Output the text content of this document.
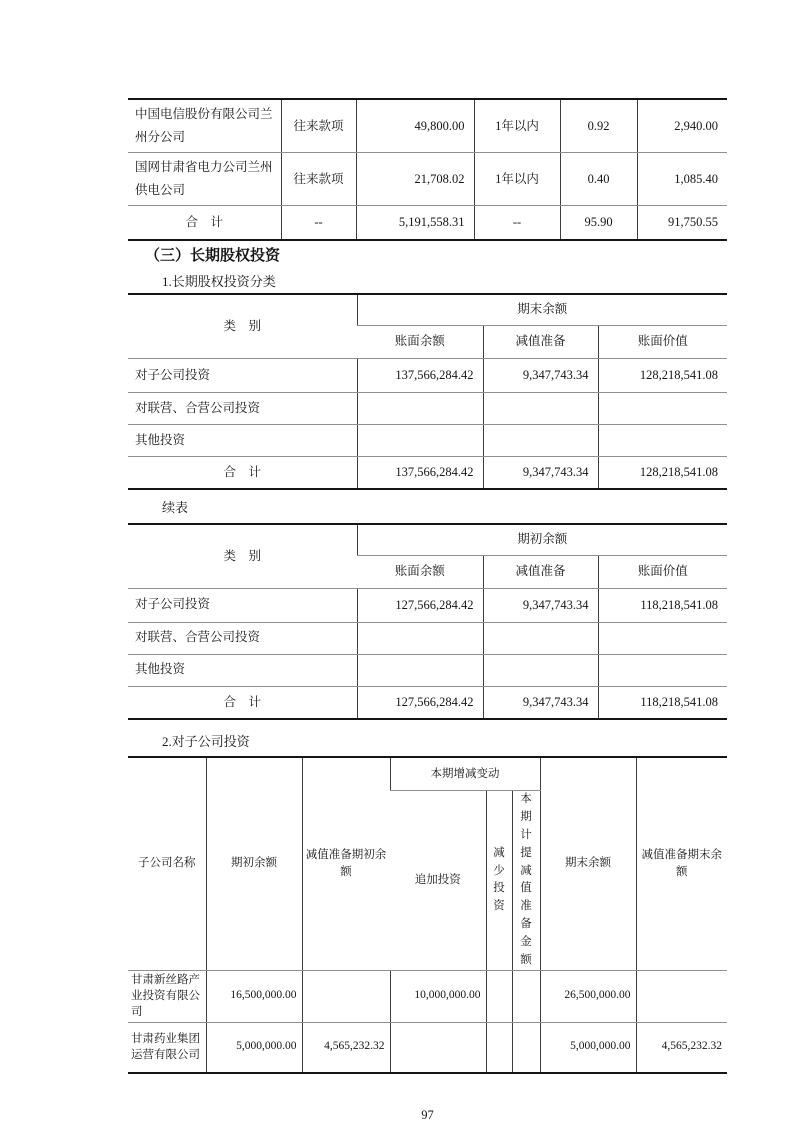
中国电信股份有限公司兰州分公司	往来款项	49,800.00	1年以内	0.92	2,940.00
国网甘肃省电力公司兰州供电公司	往来款项	21,708.02	1年以内	0.40	1,085.40
合　计	--	5,191,558.31	--	95.90	91,750.55
（三）长期股权投资
1.长期股权投资分类
类　别	期末余额		
	账面余额	减值准备	账面价值
对子公司投资	137,566,284.42	9,347,743.34	128,218,541.08
对联营、合营公司投资			
其他投资			
合　计	137,566,284.42	9,347,743.34	128,218,541.08
续表
类　别	期初余额		
	账面余额	减值准备	账面价值
对子公司投资	127,566,284.42	9,347,743.34	118,218,541.08
对联营、合营公司投资			
其他投资			
合　计	127,566,284.42	9,347,743.34	118,218,541.08
2.对子公司投资
子公司名称	期初余额	减值准备期初余额	本期增减变动			期末余额	减值准备期末余额
			追加投资	减少投资	本期计提减值准备金额		

甘肃新丝路产业投资有限公司	16,500,000.00		10,000,000.00			26,500,000.00	
甘肃药业集团运营有限公司	5,000,000.00	4,565,232.32				5,000,000.00	4,565,232.32
97
